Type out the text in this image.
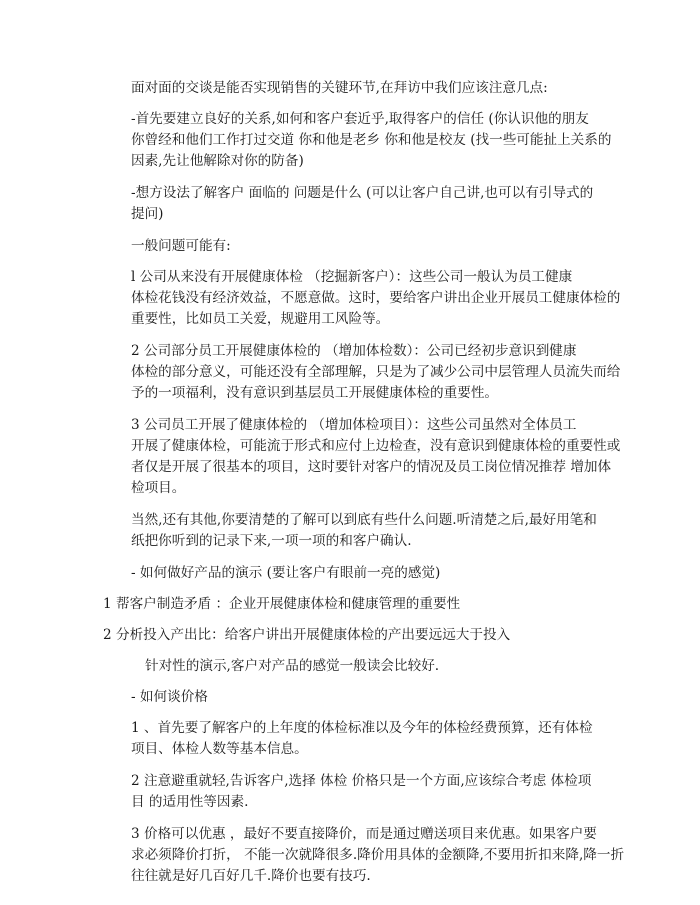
面对面的交谈是能否实现销售的关键环节,在拜访中我们应该注意几点:

-首先要建立良好的关系,如何和客户套近乎,取得客户的信任 (你认识他的朋友
你曾经和他们工作打过交道 你和他是老乡 你和他是校友 (找一些可能扯上关系的
因素,先让他解除对你的防备)

-想方设法了解客户 面临的 问题是什么 (可以让客户自己讲,也可以有引导式的
提问)

一般问题可能有:

l 公司从来没有开展健康体检 （挖掘新客户）：这些公司一般认为员工健康
体检花钱没有经济效益，不愿意做。这时，要给客户讲出企业开展员工健康体检的
重要性，比如员工关爱，规避用工风险等。

2 公司部分员工开展健康体检的 （增加体检数）：公司已经初步意识到健康
体检的部分意义，可能还没有全部理解，只是为了减少公司中层管理人员流失而给
予的一项福利，没有意识到基层员工开展健康体检的重要性。

3 公司员工开展了健康体检的 （增加体检项目）：这些公司虽然对全体员工
开展了健康体检，可能流于形式和应付上边检查，没有意识到健康体检的重要性或
者仅是开展了很基本的项目，这时要针对客户的情况及员工岗位情况推荐 增加体
检项目。

当然,还有其他,你要清楚的了解可以到底有些什么问题.听清楚之后,最好用笔和
纸把你听到的记录下来,一项一项的和客户确认.

- 如何做好产品的演示 (要让客户有眼前一亮的感觉)

1 帮客户制造矛盾 ：企业开展健康体检和健康管理的重要性

2 分析投入产出比：给客户讲出开展健康体检的产出要远远大于投入

针对性的演示,客户对产品的感觉一般读会比较好.

- 如何谈价格

1 、首先要了解客户的上年度的体检标准以及今年的体检经费预算，还有体检
项目、体检人数等基本信息。

2 注意避重就轻,告诉客户,选择 体检 价格只是一个方面,应该综合考虑 体检项
目 的适用性等因素.

3 价格可以优惠 ，最好不要直接降价，而是通过赠送项目来优惠。如果客户要
求必须降价打折， 不能一次就降很多.降价用具体的金额降,不要用折扣来降,降一折
往往就是好几百好几千.降价也要有技巧.
